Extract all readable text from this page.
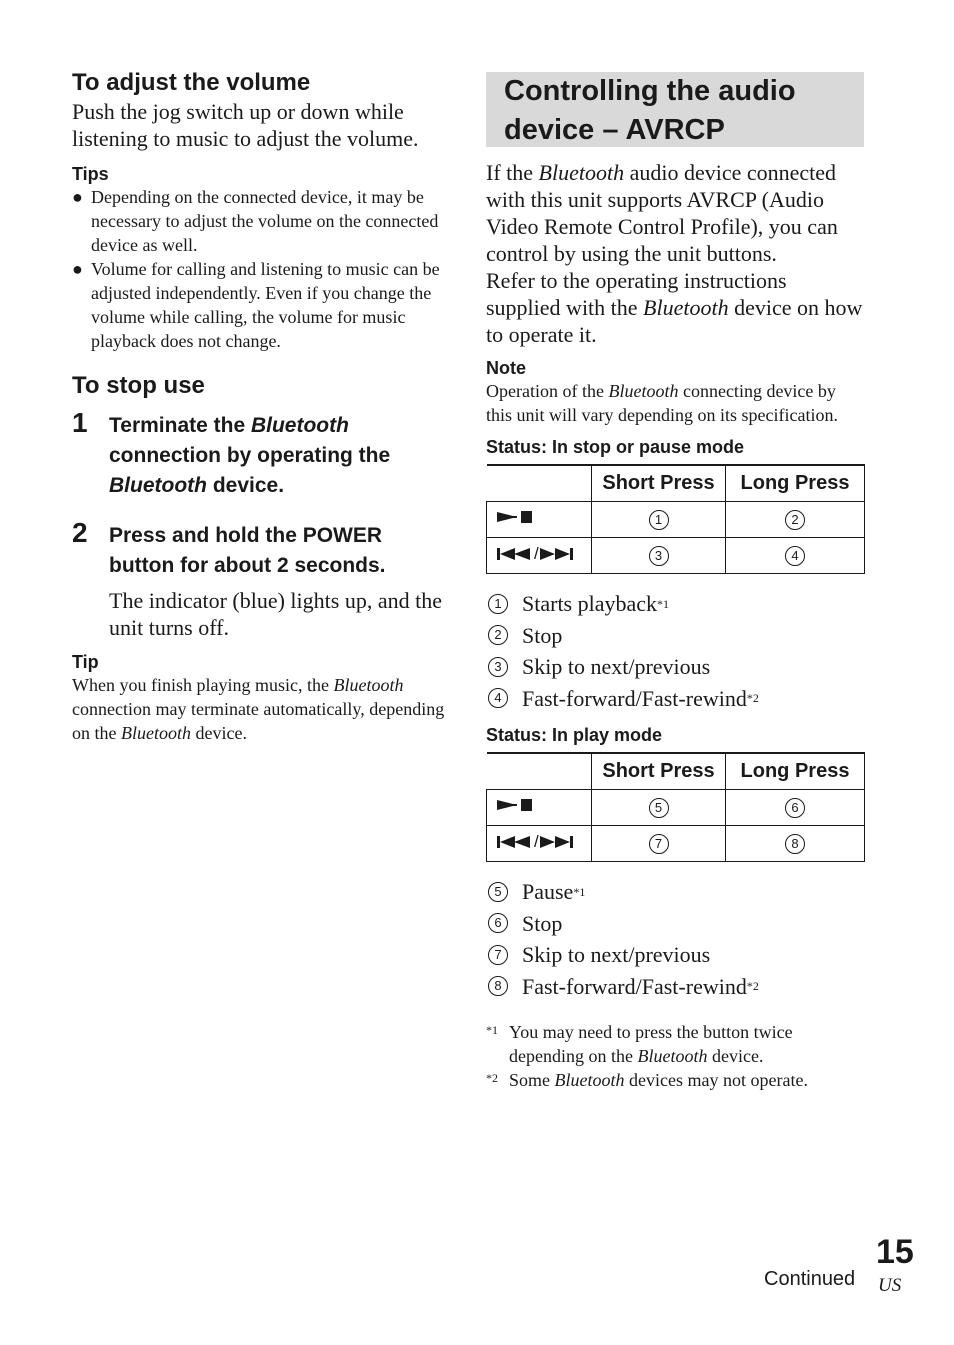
To adjust the volume

Push the jog switch up or down while listening to music to adjust the volume.

Tips
● Depending on the connected device, it may be necessary to adjust the volume on the connected device as well.
● Volume for calling and listening to music can be adjusted independently. Even if you change the volume while calling, the volume for music playback does not change.
To stop use
1 Terminate the Bluetooth connection by operating the Bluetooth device.

2 Press and hold the POWER button for about 2 seconds.

The indicator (blue) lights up, and the unit turns off.

Tip

When you finish playing music, the Bluetooth connection may terminate automatically, depending on the Bluetooth device.

Controlling the audio device – AVRCP

If the Bluetooth audio device connected with this unit supports AVRCP (Audio Video Remote Control Profile), you can control by using the unit buttons.

Refer to the operating instructions supplied with the Bluetooth device on how to operate it.

Note

Operation of the Bluetooth connecting device by this unit will vary depending on its specification.

Status: In stop or pause mode
	Short Press	Long Press
	1	2

/	3	4
1 Starts playback *1
2 Stop
3 Skip to next/previous
4 Fast-forward/Fast-rewind *2
Status: In play mode
	Short Press	Long Press
	5	6

/	7	8
5 Pause *1
6 Stop
7 Skip to next/previous
8 Fast-forward/Fast-rewind *2
*1 You may need to press the button twice depending on the Bluetooth device.
*2 Some Bluetooth devices may not operate.
Continued
15
US
